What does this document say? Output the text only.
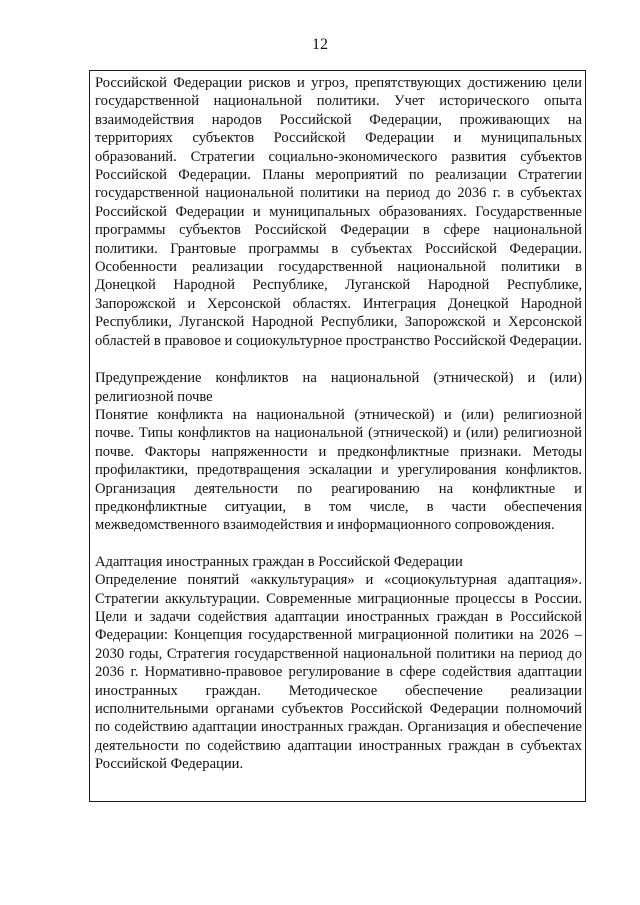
12

Российской Федерации рисков и угроз, препятствующих достижению цели государственной национальной политики. Учет исторического опыта взаимодействия народов Российской Федерации, проживающих на территориях субъектов Российской Федерации и муниципальных образований. Стратегии социально-экономического развития субъектов Российской Федерации. Планы мероприятий по реализации Стратегии государственной национальной политики на период до 2036 г. в субъектах Российской Федерации и муниципальных образованиях. Государственные программы субъектов Российской Федерации в сфере национальной политики. Грантовые программы в субъектах Российской Федерации. Особенности реализации государственной национальной политики в Донецкой Народной Республике, Луганской Народной Республике, Запорожской и Херсонской областях. Интеграция Донецкой Народной Республики, Луганской Народной Республики, Запорожской и Херсонской областей в правовое и социокультурное пространство Российской Федерации.

Предупреждение конфликтов на национальной (этнической) и (или) религиозной почве

Понятие конфликта на национальной (этнической) и (или) религиозной почве. Типы конфликтов на национальной (этнической) и (или) религиозной почве. Факторы напряженности и предконфликтные признаки. Методы профилактики, предотвращения эскалации и урегулирования конфликтов. Организация деятельности по реагированию на конфликтные и предконфликтные ситуации, в том числе, в части обеспечения межведомственного взаимодействия и информационного сопровождения.

Адаптация иностранных граждан в Российской Федерации

Определение понятий «аккультурация» и «социокультурная адаптация». Стратегии аккультурации. Современные миграционные процессы в России. Цели и задачи содействия адаптации иностранных граждан в Российской Федерации: Концепция государственной миграционной политики на 2026 – 2030 годы, Стратегия государственной национальной политики на период до 2036 г. Нормативно-правовое регулирование в сфере содействия адаптации иностранных граждан. Методическое обеспечение реализации исполнительными органами субъектов Российской Федерации полномочий по содействию адаптации иностранных граждан. Организация и обеспечение деятельности по содействию адаптации иностранных граждан в субъектах Российской Федерации.
